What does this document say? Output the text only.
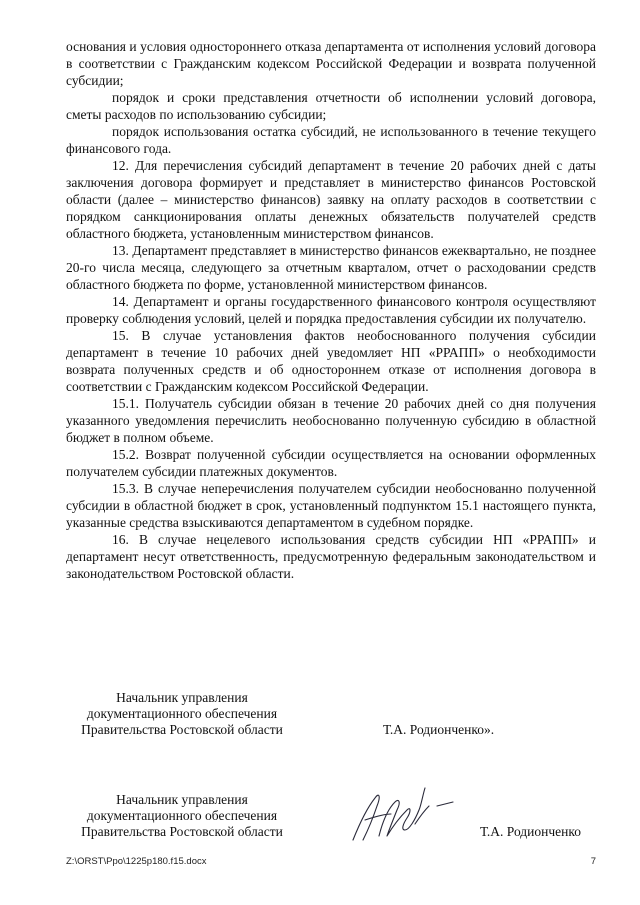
основания и условия одностороннего отказа департамента от исполнения условий договора в соответствии с Гражданским кодексом Российской Федерации и возврата полученной субсидии;

порядок и сроки представления отчетности об исполнении условий договора, сметы расходов по использованию субсидии;

порядок использования остатка субсидий, не использованного в течение текущего финансового года.

12. Для перечисления субсидий департамент в течение 20 рабочих дней с даты заключения договора формирует и представляет в министерство финансов Ростовской области (далее – министерство финансов) заявку на оплату расходов в соответствии с порядком санкционирования оплаты денежных обязательств получателей средств областного бюджета, установленным министерством финансов.

13. Департамент представляет в министерство финансов ежеквартально, не позднее 20-го числа месяца, следующего за отчетным кварталом, отчет о расходовании средств областного бюджета по форме, установленной министерством финансов.

14. Департамент и органы государственного финансового контроля осуществляют проверку соблюдения условий, целей и порядка предоставления субсидии их получателю.

15. В случае установления фактов необоснованного получения субсидии департамент в течение 10 рабочих дней уведомляет НП «РРАПП» о необходимости возврата полученных средств и об одностороннем отказе от исполнения договора в соответствии с Гражданским кодексом Российской Федерации.

15.1. Получатель субсидии обязан в течение 20 рабочих дней со дня получения указанного уведомления перечислить необоснованно полученную субсидию в областной бюджет в полном объеме.

15.2. Возврат полученной субсидии осуществляется на основании оформленных получателем субсидии платежных документов.

15.3. В случае неперечисления получателем субсидии необоснованно полученной субсидии в областной бюджет в срок, установленный подпунктом 15.1 настоящего пункта, указанные средства взыскиваются департаментом в судебном порядке.

16. В случае нецелевого использования средств субсидии НП «РРАПП» и департамент несут ответственность, предусмотренную федеральным законодательством и законодательством Ростовской области.

Начальник управления
документационного обеспечения
Правительства Ростовской области	Т.А. Родионченко».
Начальник управления
документационного обеспечения
Правительства Ростовской области	Т.А. Родионченко
Z:\ORST\Ppo\1225p180.f15.docx	7
